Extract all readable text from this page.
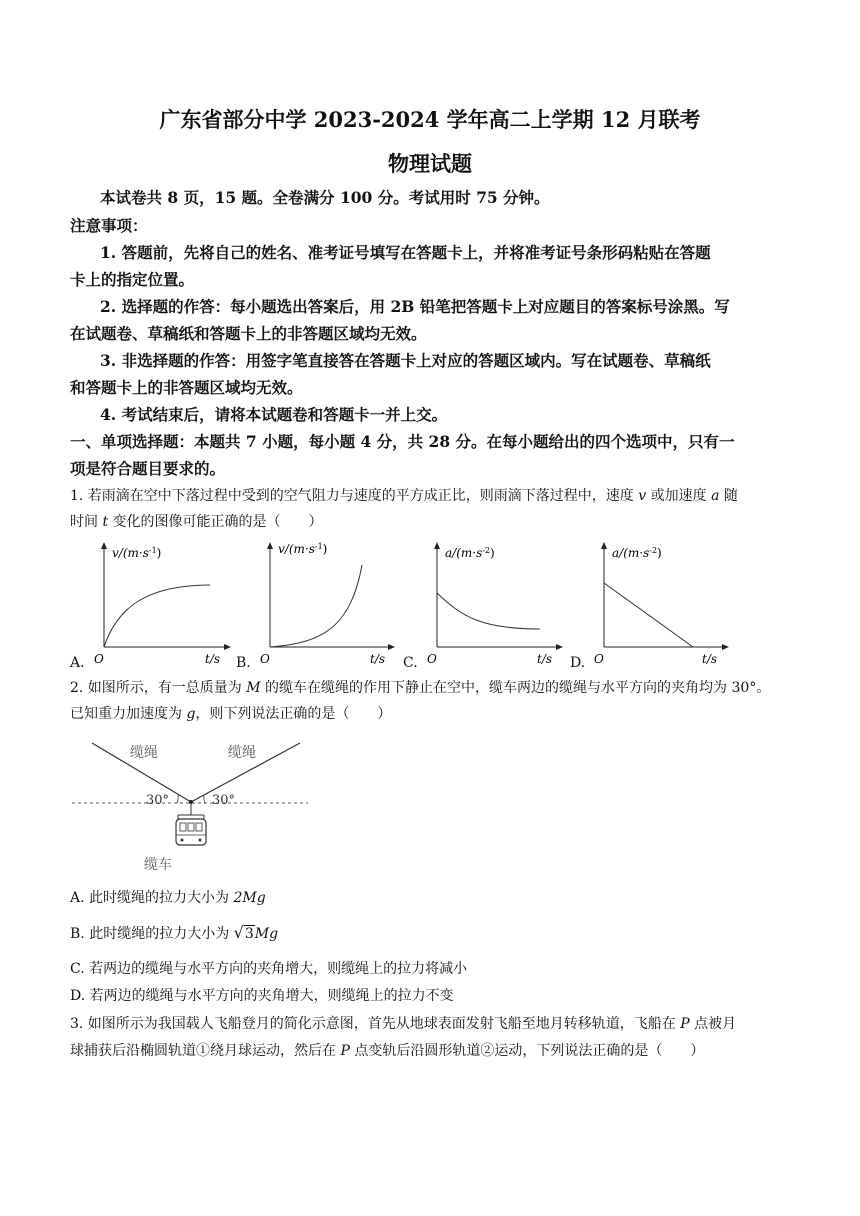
广东省部分中学 2023-2024 学年高二上学期 12 月联考
物理试题
本试卷共 8 页，15 题。全卷满分 100 分。考试用时 75 分钟。
注意事项：
1. 答题前，先将自己的姓名、准考证号填写在答题卡上，并将准考证号条形码粘贴在答题
卡上的指定位置。
2. 选择题的作答：每小题选出答案后，用 2B 铅笔把答题卡上对应题目的答案标号涂黑。写
在试题卷、草稿纸和答题卡上的非答题区域均无效。
3. 非选择题的作答：用签字笔直接答在答题卡上对应的答题区域内。写在试题卷、草稿纸
和答题卡上的非答题区域均无效。
4. 考试结束后，请将本试题卷和答题卡一并上交。
一、单项选择题：本题共 7 小题，每小题 4 分，共 28 分。在每小题给出的四个选项中，只有一
项是符合题目要求的。
1. 若雨滴在空中下落过程中受到的空气阻力与速度的平方成正比，则雨滴下落过程中，速度 v 或加速度 a 随
时间 t 变化的图像可能正确的是（　　）
$v/(m\cdot s^{-1})$
O	t/s
$v/(m\cdot s^{-1})$
O	t/s
$a/(m\cdot s^{-2})$
O	t/s
$a/(m\cdot s^{-2})$
O	t/s
A.	B.	C.	D.
2. 如图所示，有一总质量为 M 的缆车在缆绳的作用下静止在空中，缆车两边的缆绳与水平方向的夹角均为 30°。
已知重力加速度为 g，则下列说法正确的是（　　）
缆绳	缆绳
30°	30°
缆车
A. 此时缆绳的拉力大小为 2Mg
B. 此时缆绳的拉力大小为 √3Mg
C. 若两边的缆绳与水平方向的夹角增大，则缆绳上的拉力将减小
D. 若两边的缆绳与水平方向的夹角增大，则缆绳上的拉力不变
3. 如图所示为我国载人飞船登月的简化示意图，首先从地球表面发射飞船至地月转移轨道，飞船在 P 点被月
球捕获后沿椭圆轨道①绕月球运动，然后在 P 点变轨后沿圆形轨道②运动，下列说法正确的是（　　）
